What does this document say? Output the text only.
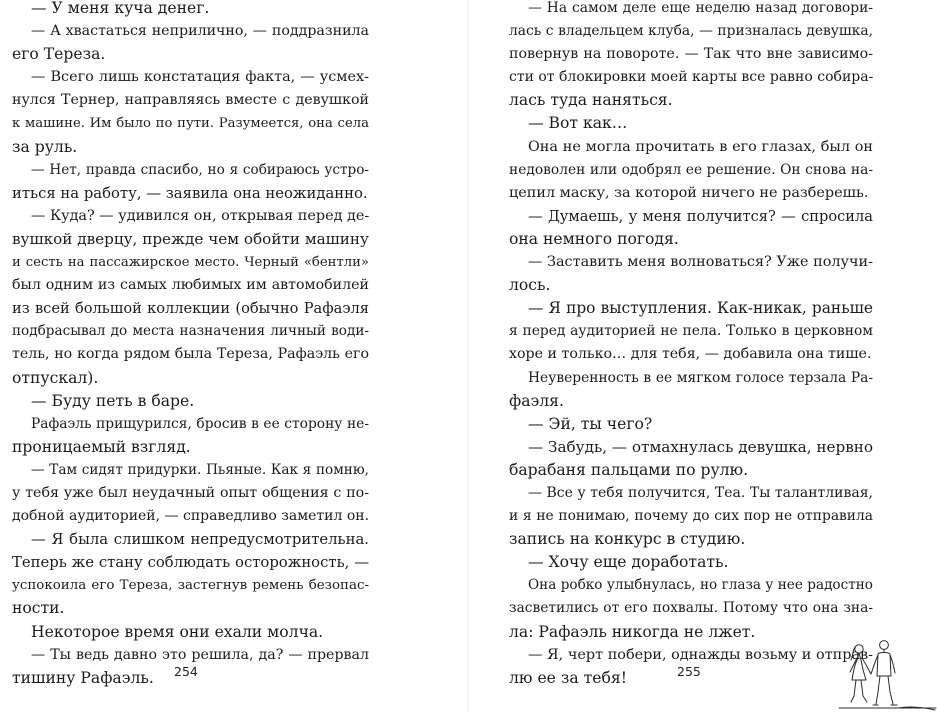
— У меня куча денег.
— А хвастаться неприлично, — поддразнила
его Тереза.
— Всего лишь констатация факта, — усмех-
нулся Тернер, направляясь вместе с девушкой
к машине. Им было по пути. Разумеется, она села
за руль.
— Нет, правда спасибо, но я собираюсь устро-
иться на работу, — заявила она неожиданно.
— Куда? — удивился он, открывая перед де-
вушкой дверцу, прежде чем обойти машину
и сесть на пассажирское место. Черный «бентли»
был одним из самых любимых им автомобилей
из всей большой коллекции (обычно Рафаэля
подбрасывал до места назначения личный води-
тель, но когда рядом была Тереза, Рафаэль его
отпускал).
— Буду петь в баре.
Рафаэль прищурился, бросив в ее сторону не-
проницаемый взгляд.
— Там сидят придурки. Пьяные. Как я помню,
у тебя уже был неудачный опыт общения с по-
добной аудиторией, — справедливо заметил он.
— Я была слишком непредусмотрительна.
Теперь же стану соблюдать осторожность, —
успокоила его Тереза, застегнув ремень безопас-
ности.
Некоторое время они ехали молча.
— Ты ведь давно это решила, да? — прервал
тишину Рафаэль.	254
— На самом деле еще неделю назад договори-
лась с владельцем клуба, — призналась девушка,
повернув на повороте. — Так что вне зависимо-
сти от блокировки моей карты все равно собира-
лась туда наняться.
— Вот как…
Она не могла прочитать в его глазах, был он
недоволен или одобрял ее решение. Он снова на-
цепил маску, за которой ничего не разберешь.
— Думаешь, у меня получится? — спросила
она немного погодя.
— Заставить меня волноваться? Уже получи-
лось.
— Я про выступления. Как-никак, раньше
я перед аудиторией не пела. Только в церковном
хоре и только… для тебя, — добавила она тише.
Неуверенность в ее мягком голосе терзала Ра-
фаэля.
— Эй, ты чего?
— Забудь, — отмахнулась девушка, нервно
барабаня пальцами по рулю.
— Все у тебя получится, Теа. Ты талантливая,
и я не понимаю, почему до сих пор не отправила
запись на конкурс в студию.
— Хочу еще доработать.
Она робко улыбнулась, но глаза у нее радостно
засветились от его похвалы. Потому что она зна-
ла: Рафаэль никогда не лжет.
— Я, черт побери, однажды возьму и отправ-
лю ее за тебя!	255
